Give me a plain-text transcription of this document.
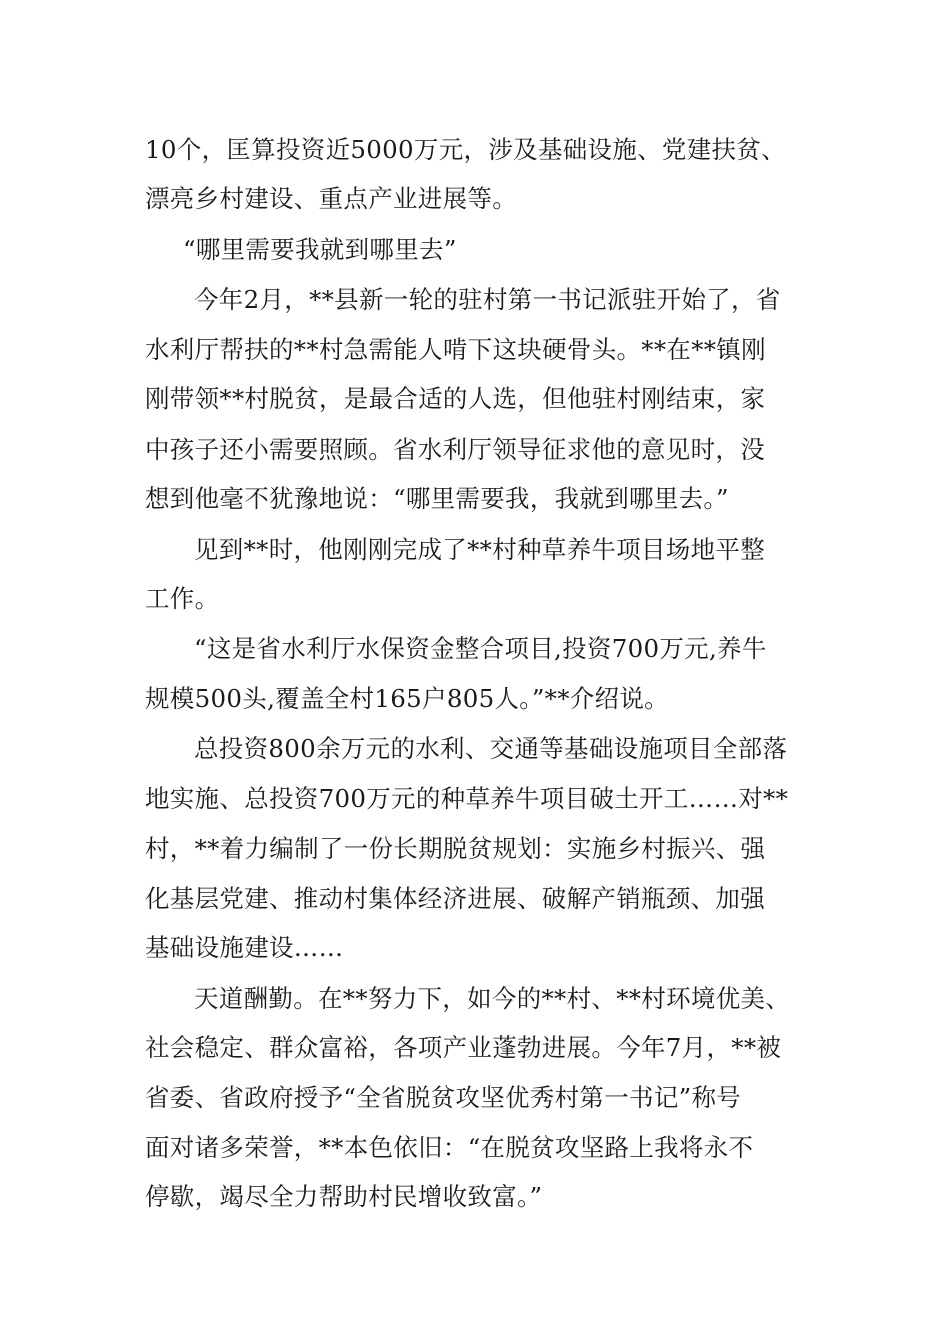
10个，匡算投资近5000万元，涉及基础设施、党建扶贫、
漂亮乡村建设、重点产业进展等。
“哪里需要我就到哪里去”
今年2月，**县新一轮的驻村第一书记派驻开始了，省
水利厅帮扶的**村急需能人啃下这块硬骨头。**在**镇刚
刚带领**村脱贫，是最合适的人选，但他驻村刚结束，家
中孩子还小需要照顾。省水利厅领导征求他的意见时，没
想到他毫不犹豫地说：“哪里需要我，我就到哪里去。”
见到**时，他刚刚完成了**村种草养牛项目场地平整
工作。
“这是省水利厅水保资金整合项目,投资700万元,养牛
规模500头,覆盖全村165户805人。”**介绍说。
总投资800余万元的水利、交通等基础设施项目全部落
地实施、总投资700万元的种草养牛项目破土开工……对**
村，**着力编制了一份长期脱贫规划：实施乡村振兴、强
化基层党建、推动村集体经济进展、破解产销瓶颈、加强
基础设施建设……
天道酬勤。在**努力下，如今的**村、**村环境优美、
社会稳定、群众富裕，各项产业蓬勃进展。今年7月，**被
省委、省政府授予“全省脱贫攻坚优秀村第一书记”称号
面对诸多荣誉，**本色依旧：“在脱贫攻坚路上我将永不
停歇，竭尽全力帮助村民增收致富。”
